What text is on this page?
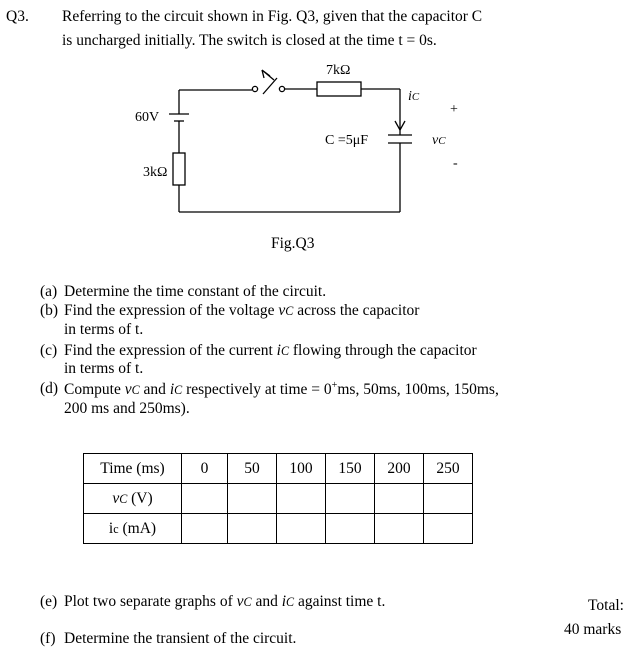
Q3. Referring to the circuit shown in Fig. Q3, given that the capacitor C
is uncharged initially. The switch is closed at the time t = 0s.
7kΩ
iC
+
60V
C =5μF	vC
-
3kΩ
Fig.Q3
(a) Determine the time constant of the circuit.
(b) Find the expression of the voltage vC across the capacitor
in terms of t.
(c) Find the expression of the current iC flowing through the capacitor
in terms of t.
(d) Compute vC and iC respectively at time = 0+ms, 50ms, 100ms, 150ms,
200 ms and 250ms).
Time (ms)	0	50	100	150	200	250
vC (V)						
ic (mA)						
(e) Plot two separate graphs of vC and iC against time t.
(f) Determine the transient of the circuit.
Total:
40 marks
